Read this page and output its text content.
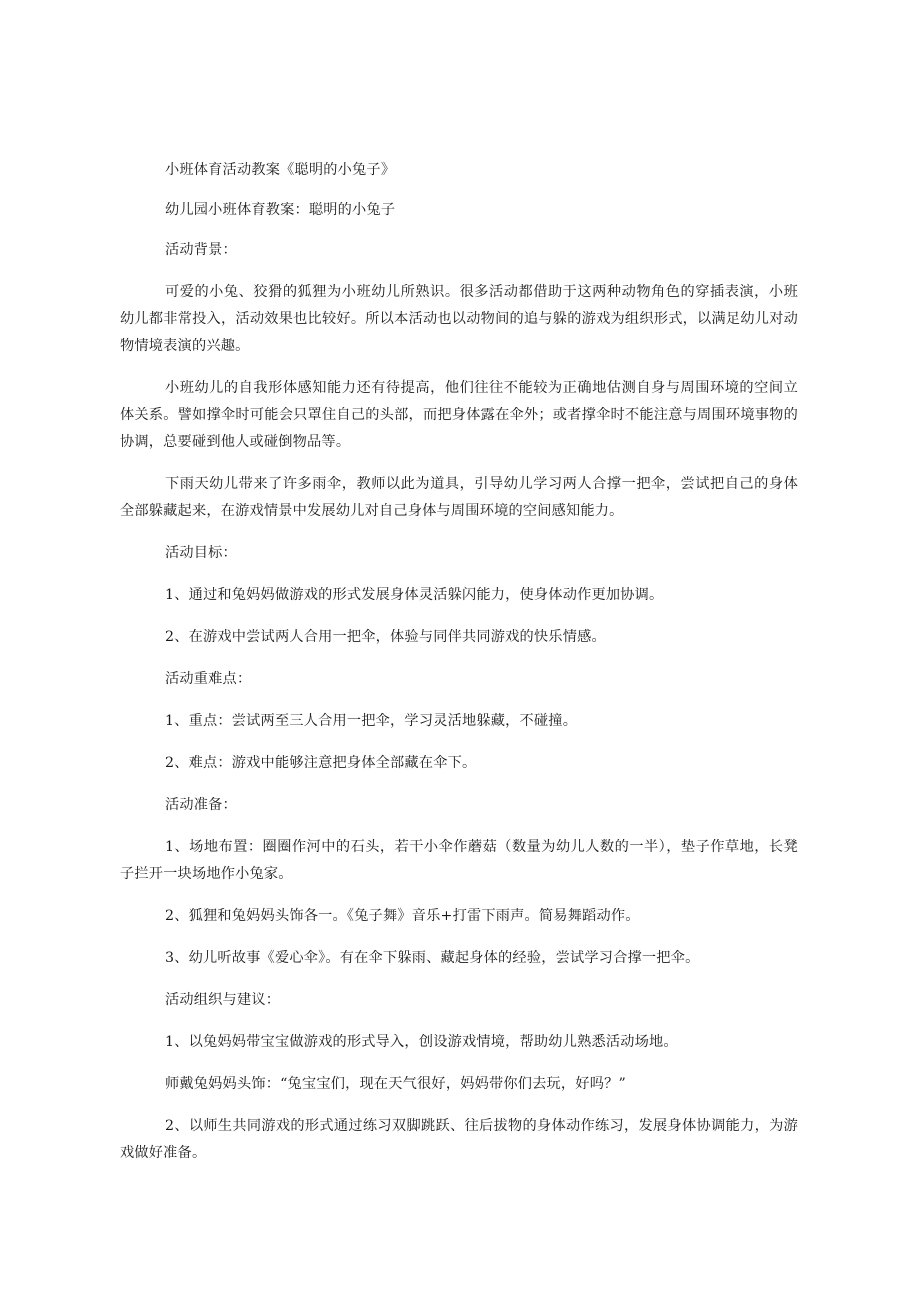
小班体育活动教案《聪明的小兔子》

幼儿园小班体育教案：聪明的小兔子

活动背景：

可爱的小兔、狡猾的狐狸为小班幼儿所熟识。很多活动都借助于这两种动物角色的穿插表演，小班幼儿都非常投入，活动效果也比较好。所以本活动也以动物间的追与躲的游戏为组织形式，以满足幼儿对动物情境表演的兴趣。

小班幼儿的自我形体感知能力还有待提高，他们往往不能较为正确地估测自身与周围环境的空间立体关系。譬如撑伞时可能会只罩住自己的头部，而把身体露在伞外；或者撑伞时不能注意与周围环境事物的协调，总要碰到他人或碰倒物品等。

下雨天幼儿带来了许多雨伞，教师以此为道具，引导幼儿学习两人合撑一把伞，尝试把自己的身体全部躲藏起来，在游戏情景中发展幼儿对自己身体与周围环境的空间感知能力。

活动目标：

1、通过和兔妈妈做游戏的形式发展身体灵活躲闪能力，使身体动作更加协调。

2、在游戏中尝试两人合用一把伞，体验与同伴共同游戏的快乐情感。

活动重难点：

1、重点：尝试两至三人合用一把伞，学习灵活地躲藏，不碰撞。

2、难点：游戏中能够注意把身体全部藏在伞下。

活动准备：

1、场地布置：圈圈作河中的石头，若干小伞作蘑菇（数量为幼儿人数的一半），垫子作草地，长凳子拦开一块场地作小兔家。

2、狐狸和兔妈妈头饰各一。《兔子舞》音乐+打雷下雨声。简易舞蹈动作。

3、幼儿听故事《爱心伞》。有在伞下躲雨、藏起身体的经验，尝试学习合撑一把伞。

活动组织与建议：

1、以兔妈妈带宝宝做游戏的形式导入，创设游戏情境，帮助幼儿熟悉活动场地。

师戴兔妈妈头饰：“兔宝宝们，现在天气很好，妈妈带你们去玩，好吗？”

2、以师生共同游戏的形式通过练习双脚跳跃、往后拔物的身体动作练习，发展身体协调能力，为游戏做好准备。
